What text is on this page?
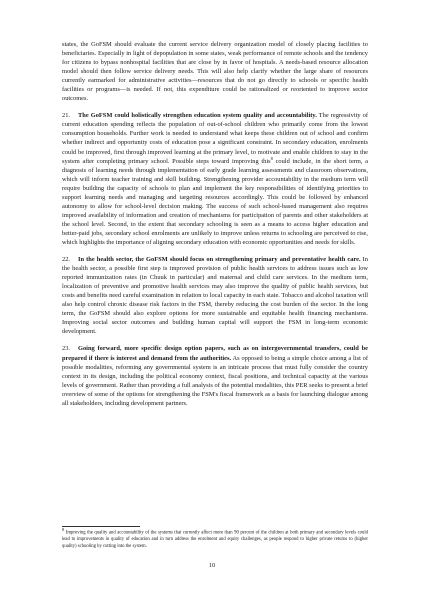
states, the GoFSM should evaluate the current service delivery organization model of closely placing facilities to beneficiaries. Especially in light of depopulation in some states, weak performance of remote schools and the tendency for citizens to bypass nonhospital facilities that are close by in favor of hospitals. A needs-based resource allocation model should then follow service delivery needs. This will also help clarify whether the large share of resources currently earmarked for administrative activities—resources that do not go directly to schools or specific health facilities or programs—is needed. If not, this expenditure could be rationalized or reoriented to improve sector outcomes.

21. The GoFSM could holistically strengthen education system quality and accountability. The regressivity of current education spending reflects the population of out-of-school children who primarily come from the lowest consumption households. Further work is needed to understand what keeps these children out of school and confirm whether indirect and opportunity costs of education pose a significant constraint. In secondary education, enrolments could be improved, first through improved learning at the primary level, to motivate and enable children to stay in the system after completing primary school. Possible steps toward improving this$^8$ could include, in the short term, a diagnosis of learning needs through implementation of early grade learning assessments and classroom observations, which will inform teacher training and skill building. Strengthening provider accountability in the medium term will require building the capacity of schools to plan and implement the key responsibilities of identifying priorities to support learning needs and managing and targeting resources accordingly. This could be followed by enhanced autonomy to allow for school-level decision making. The success of such school-based management also requires improved availability of information and creation of mechanisms for participation of parents and other stakeholders at the school level. Second, to the extent that secondary schooling is seen as a means to access higher education and better-paid jobs, secondary school enrolments are unlikely to improve unless returns to schooling are perceived to rise, which highlights the importance of aligning secondary education with economic opportunities and needs for skills.

22. In the health sector, the GoFSM should focus on strengthening primary and preventative health care. In the health sector, a possible first step is improved provision of public health services to address issues such as low reported immunization rates (in Chuuk in particular) and maternal and child care services. In the medium term, localization of preventive and promotive health services may also improve the quality of public health services, but costs and benefits need careful examination in relation to local capacity in each state. Tobacco and alcohol taxation will also help control chronic disease risk factors in the FSM, thereby reducing the cost burden of the sector. In the long term, the GoFSM should also explore options for more sustainable and equitable health financing mechanisms. Improving social sector outcomes and building human capital will support the FSM in long-term economic development.

23. Going forward, more specific design option papers, such as on intergovernmental transfers, could be prepared if there is interest and demand from the authorities. As opposed to being a simple choice among a list of possible modalities, reforming any governmental system is an intricate process that must fully consider the country context in its design, including the political economy context, fiscal positions, and technical capacity at the various levels of government. Rather than providing a full analysis of the potential modalities, this PER seeks to present a brief overview of some of the options for strengthening the FSM's fiscal framework as a basis for launching dialogue among all stakeholders, including development partners.

8 Improving the quality and accountability of the systems that currently affect more than 90 percent of the children at both primary and secondary levels could lead to improvements in quality of education and in turn address the enrolment and equity challenges, as people respond to higher private returns to (higher quality) schooling by cutting into the system.
10
